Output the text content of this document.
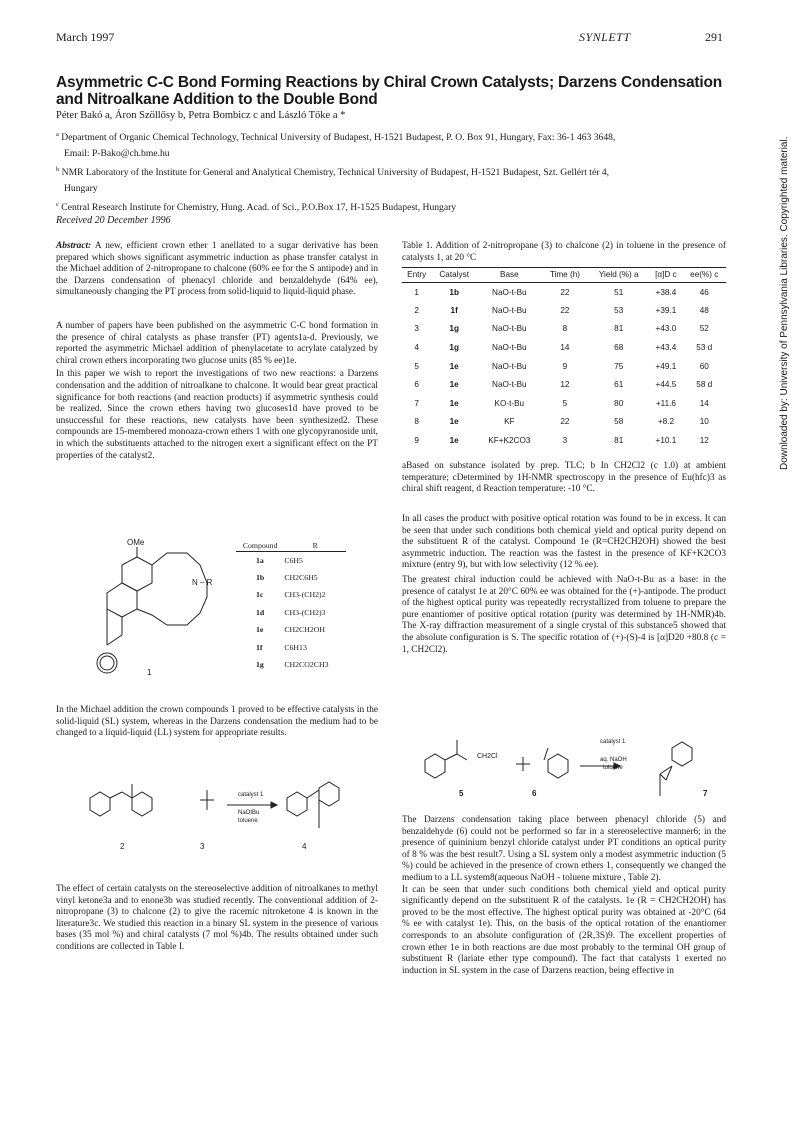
March 1997	SYNLETT	291
Asymmetric C-C Bond Forming Reactions by Chiral Crown Catalysts; Darzens Condensation and Nitroalkane Addition to the Double Bond
Péter Bakó a, Áron Szöllősy b, Petra Bombicz c and László Tőke a *
$^a$ Department of Organic Chemical Technology, Technical University of Budapest, H-1521 Budapest, P. O. Box 91, Hungary, Fax: 36-1 463 3648,
Email: P-Bako@ch.bme.hu
$^b$ NMR Laboratory of the Institute for General and Analytical Chemistry, Technical University of Budapest, H-1521 Budapest, Szt. Gellért tér 4,
Hungary
$^c$ Central Research Institute for Chemistry, Hung. Acad. of Sci., P.O.Box 17, H-1525 Budapest, Hungary
Received 20 December 1996

Abstract: A new, efficient crown ether 1 anellated to a sugar derivative has been prepared which shows significant asymmetric induction as phase transfer catalyst in the Michael addition of 2-nitropropane to chalcone (60% ee for the S antipode) and in the Darzens condensation of phenacyl chloride and benzaldehyde (64% ee), simultaneously changing the PT process from solid-liquid to liquid-liquid phase.

A number of papers have been published on the asymmetric C-C bond formation in the presence of chiral catalysts as phase transfer (PT) agents1a-d. Previously, we reported the asymmetric Michael addition of phenylacetate to acrylate catalyzed by chiral crown ethers incorporating two glucose units (85 % ee)1e.

In this paper we wish to report the investigations of two new reactions: a Darzens condensation and the addition of nitroalkane to chalcone. It would bear great practical significance for both reactions (and reaction products) if asymmetric synthesis could be realized. Since the crown ethers having two glucoses1d have proved to be unsuccessful for these reactions, new catalysts have been synthesized2. These compounds are 15-membered monoaza-crown ethers 1 with one glycopyranoside unit, in which the substituents attached to the nitrogen exert a significant effect on the PT properties of the catalyst2.

OMe
N – R
1
Compound	R
1a	C6H5
1b	CH2C6H5
1c	CH3-(CH2)2
1d	CH3-(CH2)3
1e	CH2CH2OH
1f	C6H13
1g	CH2CO2CH3
In the Michael addition the crown compounds 1 proved to be effective catalysts in the solid-liquid (SL) system, whereas in the Darzens condensation the medium had to be changed to a liquid-liquid (LL) system for appropriate results.
2	3	4
catalyst 1
NaOtBu
toluene
The effect of certain catalysts on the stereoselective addition of nitroalkanes to methyl vinyl ketone3a and to enone3b was studied recently. The conventional addition of 2-nitropropane (3) to chalcone (2) to give the racemic nitroketone 4 is known in the literature3c. We studied this reaction in a binary SL system in the presence of various bases (35 mol %) and chiral catalysts (7 mol %)4b. The results obtained under such conditions are collected in Table I.
Table 1. Addition of 2-nitropropane (3) to chalcone (2) in toluene in the presence of catalysts 1, at 20 °C
Entry	Catalyst	Base	Time (h)	Yield (%) a	[α]D c	ee(%) c
1	1b	NaO-t-Bu	22	51	+38.4	46
2	1f	NaO-t-Bu	22	53	+39.1	48
3	1g	NaO-t-Bu	8	81	+43.0	52
4	1g	NaO-t-Bu	14	68	+43.4	53 d
5	1e	NaO-t-Bu	9	75	+49.1	60
6	1e	NaO-t-Bu	12	61	+44.5	58 d
7	1e	KO-t-Bu	5	80	+11.6	14
8	1e	KF	22	58	+8.2	10
9	1e	KF+K2CO3	3	81	+10.1	12
aBased on substance isolated by prep. TLC; b In CH2Cl2 (c 1.0) at ambient temperature; cDetermined by 1H-NMR spectroscopy in the presence of Eu(hfc)3 as chiral shift reagent, d Reaction temperature: -10 °C.

In all cases the product with positive optical rotation was found to be in excess. It can be seen that under such conditions both chemical yield and optical purity depend on the substituent R of the catalyst. Compound 1e (R=CH2CH2OH) showed the best asymmetric induction. The reaction was the fastest in the presence of KF+K2CO3 mixture (entry 9), but with low selectivity (12 % ee).

The greatest chiral induction could be achieved with NaO-t-Bu as a base: in the presence of catalyst 1e at 20°C 60% ee was obtained for the (+)-antipode. The product of the highest optical purity was repeatedly recrystallized from toluene to prepare the pure enantiomer of positive optical rotation (purity was determined by 1H-NMR)4b. The X-ray diffraction measurement of a single crystal of this substance5 showed that the absolute configuration is S. The specific rotation of (+)-(S)-4 is [α]D20 +80.8 (c = 1, CH2Cl2).

CH2Cl
catalyst 1
aq. NaOH
toluene
5	6	7

The Darzens condensation taking place between phenacyl chloride (5) and benzaldehyde (6) could not be performed so far in a stereoselective manner6; in the presence of quininium benzyl chloride catalyst under PT conditions an optical purity of 8 % was the best result7. Using a SL system only a modest asymmetric induction (5 %) could be achieved in the presence of crown ethers 1, consequently we changed the medium to a LL system8(aqueous NaOH - toluene mixture , Table 2).

It can be seen that under such conditions both chemical yield and optical purity significantly depend on the substituent R of the catalysts. 1e (R = CH2CH2OH) has proved to be the most effective. The highest optical purity was obtained at -20°C (64 % ee with catalyst 1e). This, on the basis of the optical rotation of the enantiomer corresponds to an absolute configuration of (2R,3S)9. The excellent properties of crown ether 1e in both reactions are due most probably to the terminal OH group of substituent R (lariate ether type compound). The fact that catalysts 1 exerted no induction in SL system in the case of Darzens reaction, being effective in

Downloaded by: University of Pennsylvania Libraries. Copyrighted material.
